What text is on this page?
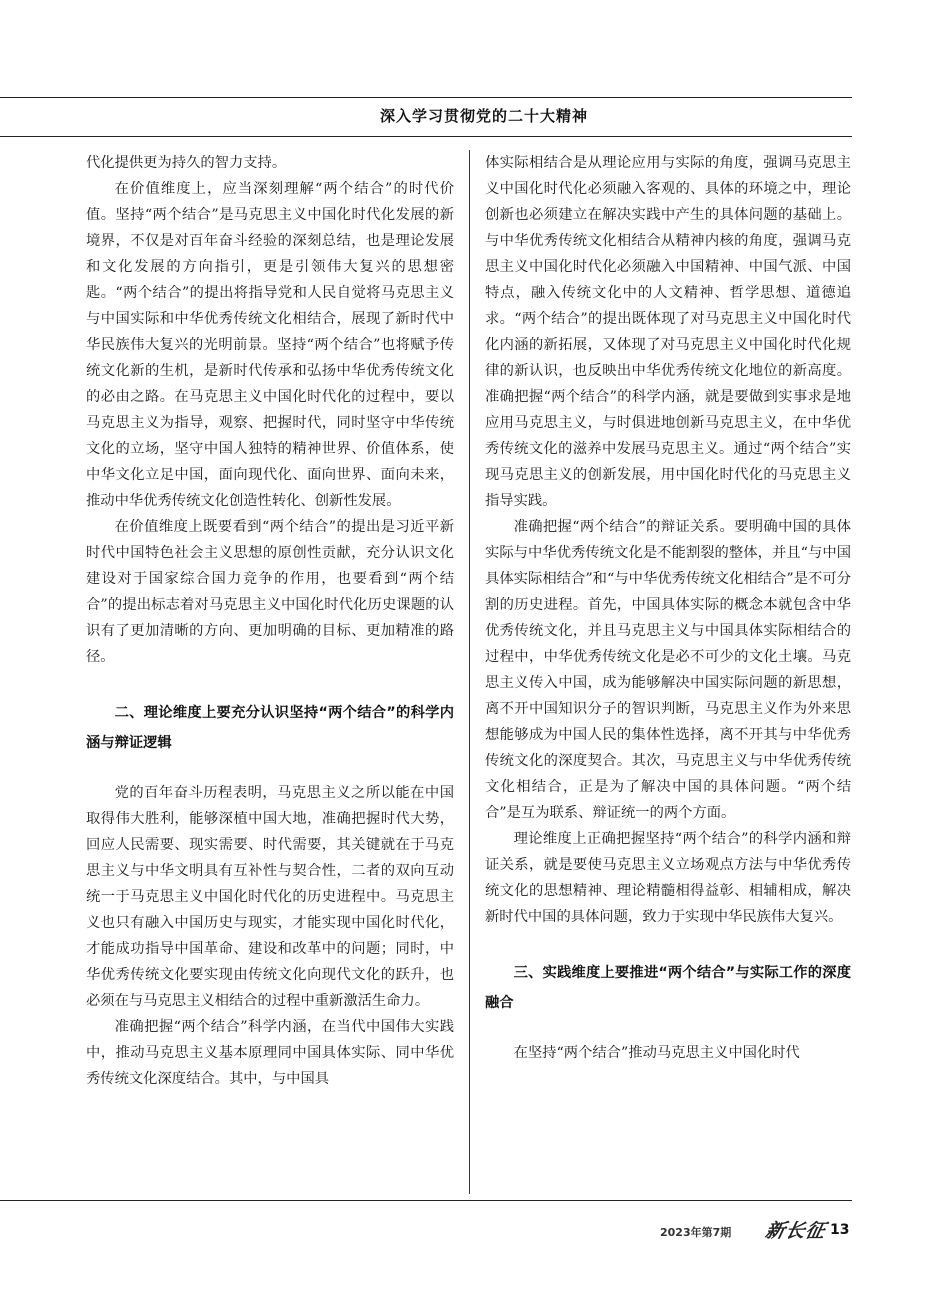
深入学习贯彻党的二十大精神

代化提供更为持久的智力支持。

在价值维度上，应当深刻理解“两个结合”的时代价值。坚持“两个结合”是马克思主义中国化时代化发展的新境界，不仅是对百年奋斗经验的深刻总结，也是理论发展和文化发展的方向指引，更是引领伟大复兴的思想密匙。“两个结合”的提出将指导党和人民自觉将马克思主义与中国实际和中华优秀传统文化相结合，展现了新时代中华民族伟大复兴的光明前景。坚持“两个结合”也将赋予传统文化新的生机，是新时代传承和弘扬中华优秀传统文化的必由之路。在马克思主义中国化时代化的过程中，要以马克思主义为指导，观察、把握时代，同时坚守中华传统文化的立场，坚守中国人独特的精神世界、价值体系，使中华文化立足中国，面向现代化、面向世界、面向未来，推动中华优秀传统文化创造性转化、创新性发展。

在价值维度上既要看到“两个结合”的提出是习近平新时代中国特色社会主义思想的原创性贡献，充分认识文化建设对于国家综合国力竞争的作用，也要看到“两个结合”的提出标志着对马克思主义中国化时代化历史课题的认识有了更加清晰的方向、更加明确的目标、更加精准的路径。

二、理论维度上要充分认识坚持“两个结合”的科学内涵与辩证逻辑

党的百年奋斗历程表明，马克思主义之所以能在中国取得伟大胜利，能够深植中国大地，准确把握时代大势，回应人民需要、现实需要、时代需要，其关键就在于马克思主义与中华文明具有互补性与契合性，二者的双向互动统一于马克思主义中国化时代化的历史进程中。马克思主义也只有融入中国历史与现实，才能实现中国化时代化，才能成功指导中国革命、建设和改革中的问题；同时，中华优秀传统文化要实现由传统文化向现代文化的跃升，也必须在与马克思主义相结合的过程中重新激活生命力。

准确把握“两个结合”科学内涵，在当代中国伟大实践中，推动马克思主义基本原理同中国具体实际、同中华优秀传统文化深度结合。其中，与中国具

体实际相结合是从理论应用与实际的角度，强调马克思主义中国化时代化必须融入客观的、具体的环境之中，理论创新也必须建立在解决实践中产生的具体问题的基础上。与中华优秀传统文化相结合从精神内核的角度，强调马克思主义中国化时代化必须融入中国精神、中国气派、中国特点，融入传统文化中的人文精神、哲学思想、道德追求。“两个结合”的提出既体现了对马克思主义中国化时代化内涵的新拓展，又体现了对马克思主义中国化时代化规律的新认识，也反映出中华优秀传统文化地位的新高度。准确把握“两个结合”的科学内涵，就是要做到实事求是地应用马克思主义，与时俱进地创新马克思主义，在中华优秀传统文化的滋养中发展马克思主义。通过“两个结合”实现马克思主义的创新发展，用中国化时代化的马克思主义指导实践。

准确把握“两个结合”的辩证关系。要明确中国的具体实际与中华优秀传统文化是不能割裂的整体，并且“与中国具体实际相结合”和“与中华优秀传统文化相结合”是不可分割的历史进程。首先，中国具体实际的概念本就包含中华优秀传统文化，并且马克思主义与中国具体实际相结合的过程中，中华优秀传统文化是必不可少的文化土壤。马克思主义传入中国，成为能够解决中国实际问题的新思想，离不开中国知识分子的智识判断，马克思主义作为外来思想能够成为中国人民的集体性选择，离不开其与中华优秀传统文化的深度契合。其次，马克思主义与中华优秀传统文化相结合，正是为了解决中国的具体问题。“两个结合”是互为联系、辩证统一的两个方面。

理论维度上正确把握坚持“两个结合”的科学内涵和辩证关系，就是要使马克思主义立场观点方法与中华优秀传统文化的思想精神、理论精髓相得益彰、相辅相成，解决新时代中国的具体问题，致力于实现中华民族伟大复兴。

三、实践维度上要推进“两个结合”与实际工作的深度融合

在坚持“两个结合”推动马克思主义中国化时代

2023年第7期 新长征 13
